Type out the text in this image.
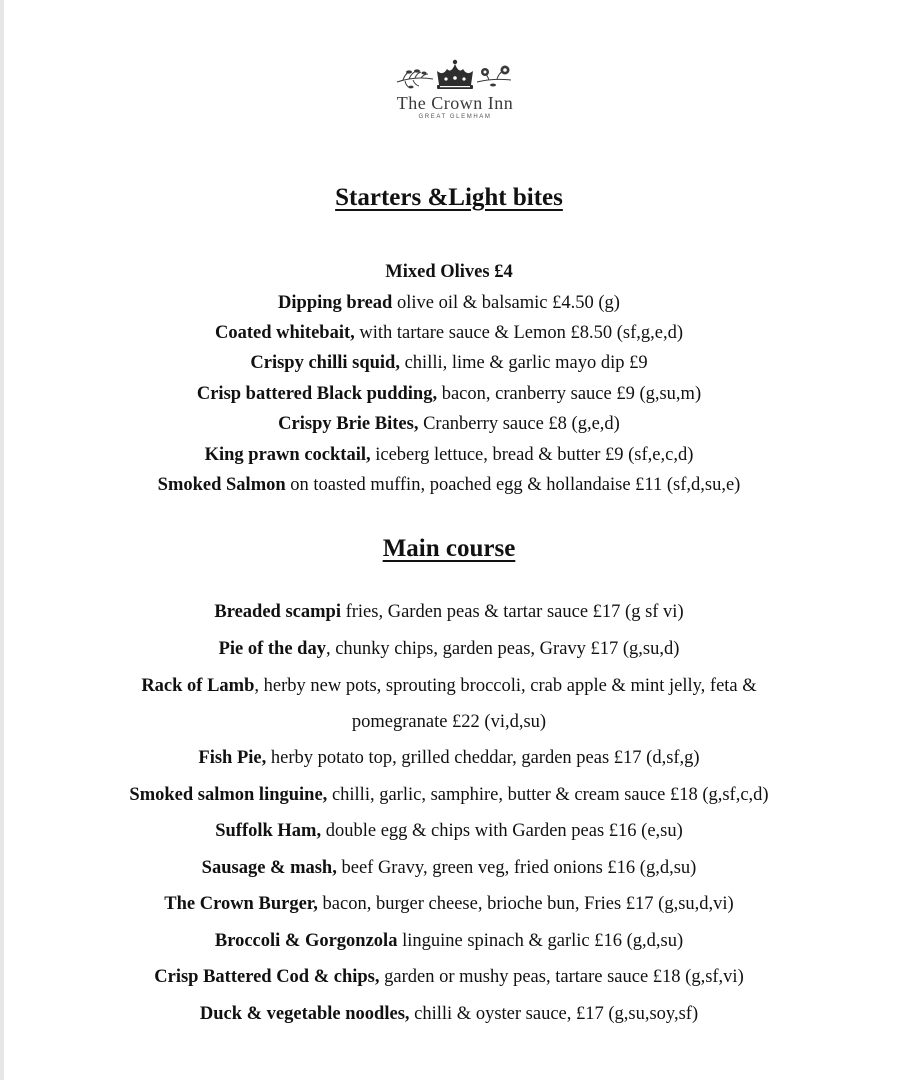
The Crown Inn
GREAT GLEMHAM
Starters &Light bites
Mixed Olives £4
Dipping bread olive oil & balsamic £4.50 (g)
Coated whitebait, with tartare sauce & Lemon £8.50 (sf,g,e,d)
Crispy chilli squid, chilli, lime & garlic mayo dip £9
Crisp battered Black pudding, bacon, cranberry sauce £9 (g,su,m)
Crispy Brie Bites, Cranberry sauce £8 (g,e,d)
King prawn cocktail, iceberg lettuce, bread & butter £9 (sf,e,c,d)
Smoked Salmon on toasted muffin, poached egg & hollandaise £11 (sf,d,su,e)
Main course
Breaded scampi fries, Garden peas & tartar sauce £17 (g sf vi)
Pie of the day, chunky chips, garden peas, Gravy £17 (g,su,d)
Rack of Lamb, herby new pots, sprouting broccoli, crab apple & mint jelly, feta &
pomegranate £22 (vi,d,su)
Fish Pie, herby potato top, grilled cheddar, garden peas £17 (d,sf,g)
Smoked salmon linguine, chilli, garlic, samphire, butter & cream sauce £18 (g,sf,c,d)
Suffolk Ham, double egg & chips with Garden peas £16 (e,su)
Sausage & mash, beef Gravy, green veg, fried onions £16 (g,d,su)
The Crown Burger, bacon, burger cheese, brioche bun, Fries £17 (g,su,d,vi)
Broccoli & Gorgonzola linguine spinach & garlic £16 (g,d,su)
Crisp Battered Cod & chips, garden or mushy peas, tartare sauce £18 (g,sf,vi)
Duck & vegetable noodles, chilli & oyster sauce, £17 (g,su,soy,sf)
